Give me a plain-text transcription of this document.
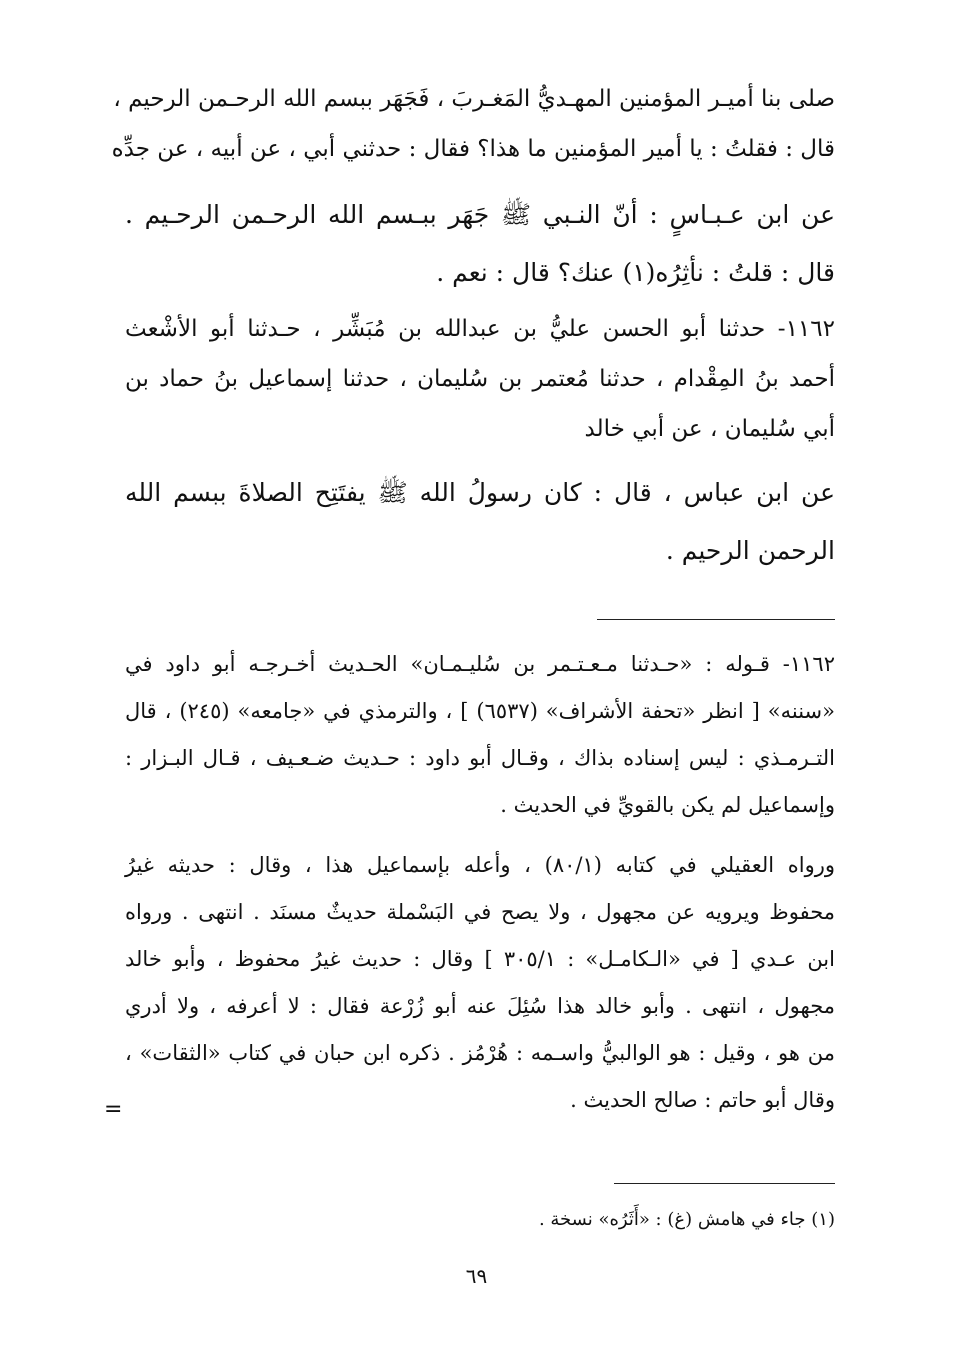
صلى بنا أميـر المؤمنين المهـديُّ المَغـربَ ، فَجَهَر ببسم الله الرحـمن الرحيم ،
قال : فقلتُ : يا أمير المؤمنين ما هذا؟ فقال : حدثني أبي ، عن أبيه ، عن جدِّه
عن ابن عـبـاسٍ : أنّ النـبي ﷺ جَهَر ببـسم الله الرحـمن الرحـيم .
قال : قلتُ : نأثِرُه(١) عنك؟ قال : نعم .
١١٦٢- حدثنا أبو الحسن عليُّ بن عبدالله بن مُبَشِّر ، حـدثنا أبو الأشْعث
أحمد بنُ المِقْدام ، حدثنا مُعتمر بن سُليمان ، حدثنا إسماعيل بنُ حماد بن
أبي سُليمان ، عن أبي خالد
عن ابن عباس ، قال : كان رسولُ الله ﷺ يفتَتِح الصلاةَ ببسم الله
الرحمن الرحيم .
١١٦٢- قـوله : «حـدثنا مـعـتـمر بن سُليـمـان» الحـديث أخـرجـه أبو داود في
«سننه» [ انظر «تحفة الأشراف» (٦٥٣٧) ] ، والترمذي في «جامعه» (٢٤٥) ، قال
التـرمـذي : ليس إسناده بذاك ، وقـال أبو داود : حـديث ضـعـيف ، قـال البـزار :
وإسماعيل لم يكن بالقويِّ في الحديث .
ورواه العقيلي في كتابه (٨٠/١) ، وأعله بإسماعيل هذا ، وقال : حديثه غيرُ
محفوظ ويرويه عن مجهول ، ولا يصح في البَسْملة حديثٌ مسنَد . انتهى . ورواه
ابن عـدي [ في «الـكامـل» : ٣٠٥/١ ] وقال : حديث غيرُ محفوظ ، وأبو خالد
مجهول ، انتهى . وأبو خالد هذا سُئِلَ عنه أبو زُرْعة فقال : لا أعرفه ، ولا أدري
من هو ، وقيل : هو الوالبيُّ واسـمه : هُرْمُز . ذكره ابن حبان في كتاب «الثقات» ،
وقال أبو حاتم : صالح الحديث .
=
(١) جاء في هامش (غ) : «أَثَرُه» نسخة .
٦٩
